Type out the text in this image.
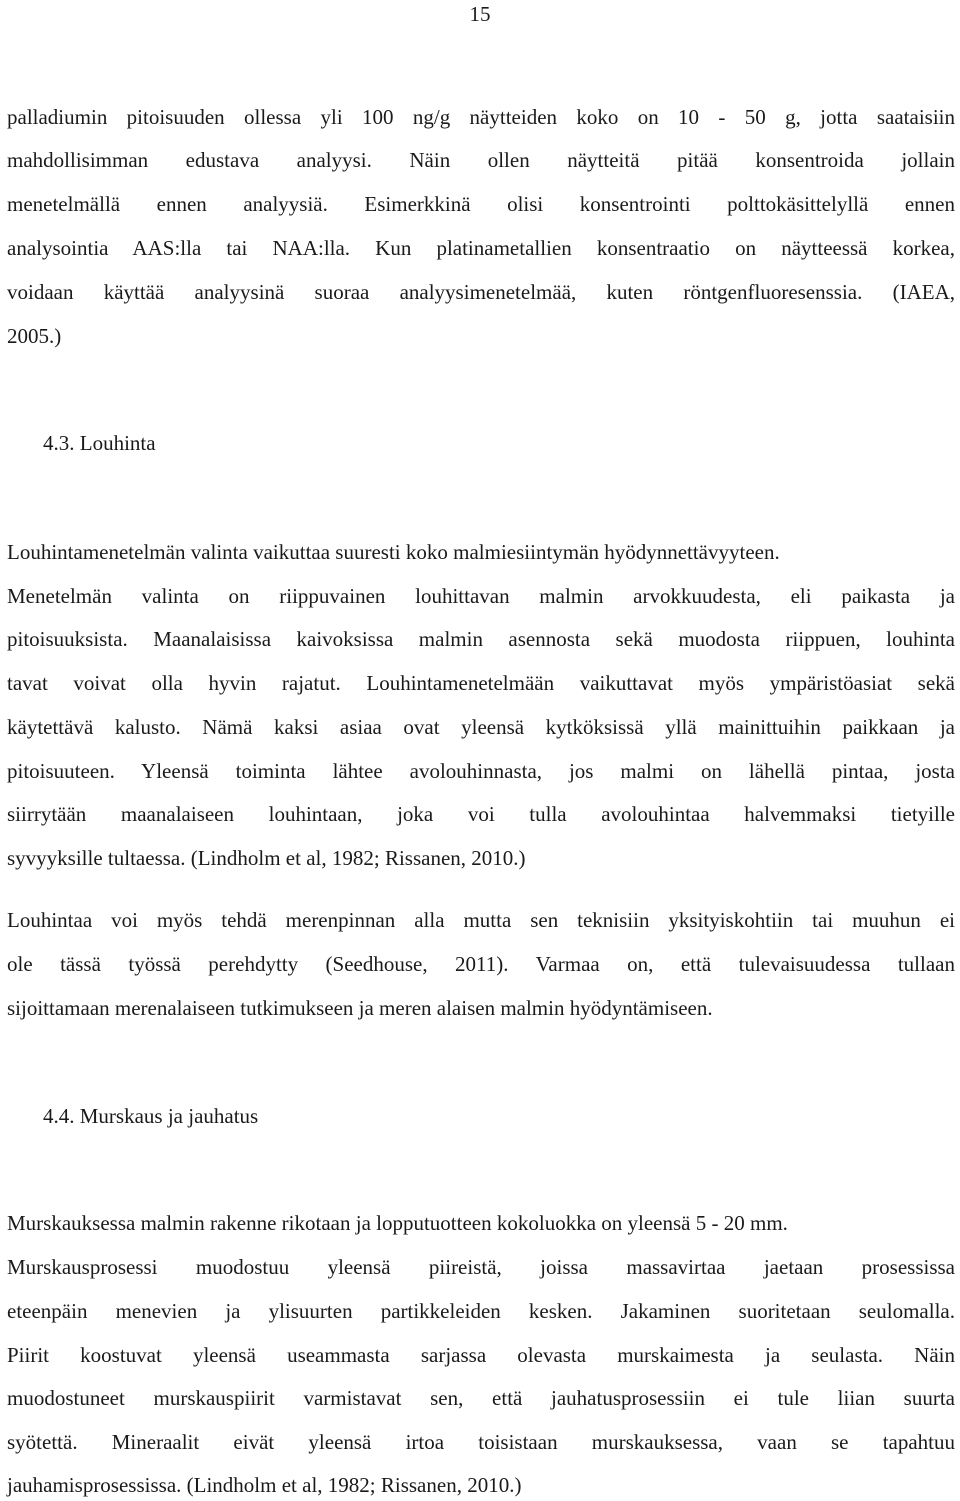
15
palladiumin pitoisuuden ollessa yli 100 ng/g näytteiden koko on 10 - 50 g, jotta saataisiin
mahdollisimman edustava analyysi. Näin ollen näytteitä pitää konsentroida jollain
menetelmällä ennen analyysiä. Esimerkkinä olisi konsentrointi polttokäsittelyllä ennen
analysointia AAS:lla tai NAA:lla. Kun platinametallien konsentraatio on näytteessä korkea,
voidaan käyttää analyysinä suoraa analyysimenetelmää, kuten röntgenfluoresenssia. (IAEA,
2005.)
4.3. Louhinta
Louhintamenetelmän valinta vaikuttaa suuresti koko malmiesiintymän hyödynnettävyyteen.
Menetelmän valinta on riippuvainen louhittavan malmin arvokkuudesta, eli paikasta ja
pitoisuuksista. Maanalaisissa kaivoksissa malmin asennosta sekä muodosta riippuen, louhinta
tavat voivat olla hyvin rajatut. Louhintamenetelmään vaikuttavat myös ympäristöasiat sekä
käytettävä kalusto. Nämä kaksi asiaa ovat yleensä kytköksissä yllä mainittuihin paikkaan ja
pitoisuuteen. Yleensä toiminta lähtee avolouhinnasta, jos malmi on lähellä pintaa, josta
siirrytään maanalaiseen louhintaan, joka voi tulla avolouhintaa halvemmaksi tietyille
syvyyksille tultaessa. (Lindholm et al, 1982; Rissanen, 2010.)
Louhintaa voi myös tehdä merenpinnan alla mutta sen teknisiin yksityiskohtiin tai muuhun ei
ole tässä työssä perehdytty (Seedhouse, 2011). Varmaa on, että tulevaisuudessa tullaan
sijoittamaan merenalaiseen tutkimukseen ja meren alaisen malmin hyödyntämiseen.
4.4. Murskaus ja jauhatus
Murskauksessa malmin rakenne rikotaan ja lopputuotteen kokoluokka on yleensä 5 - 20 mm.
Murskausprosessi muodostuu yleensä piireistä, joissa massavirtaa jaetaan prosessissa
eteenpäin menevien ja ylisuurten partikkeleiden kesken. Jakaminen suoritetaan seulomalla.
Piirit koostuvat yleensä useammasta sarjassa olevasta murskaimesta ja seulasta. Näin
muodostuneet murskauspiirit varmistavat sen, että jauhatusprosessiin ei tule liian suurta
syötettä. Mineraalit eivät yleensä irtoa toisistaan murskauksessa, vaan se tapahtuu
jauhamisprosessissa. (Lindholm et al, 1982; Rissanen, 2010.)
